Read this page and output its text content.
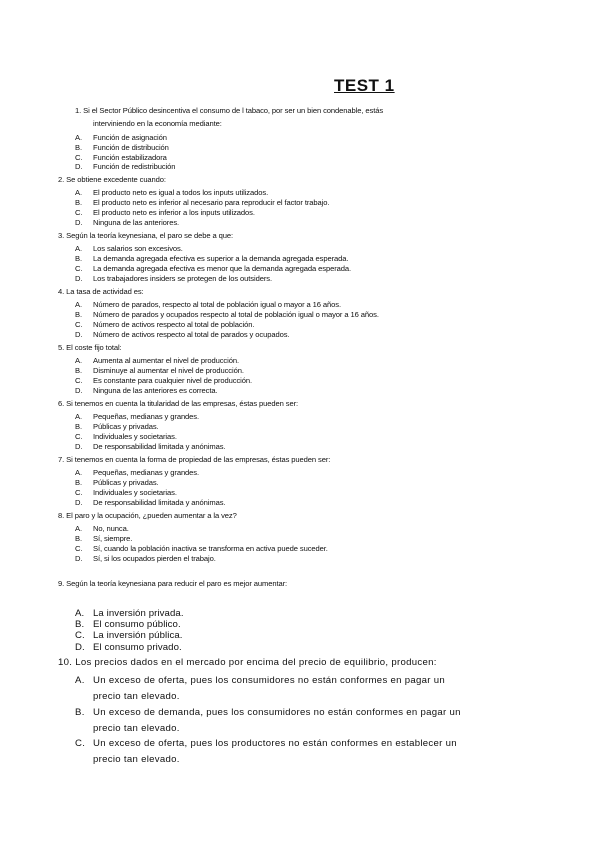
TEST 1
1. Si el Sector Público desincentiva el consumo de l tabaco, por ser un bien condenable, estás
interviniendo en la economía mediante:
A. Función de asignación
B. Función de distribución
C. Función estabilizadora
D. Función de redistribución
2. Se obtiene excedente cuando:
A. El producto neto es igual a todos los inputs utilizados.
B. El producto neto es inferior al necesario para reproducir el factor trabajo.
C. El producto neto es inferior a los inputs utilizados.
D. Ninguna de las anteriores.
3. Según la teoría keynesiana, el paro se debe a que:
A. Los salarios son excesivos.
B. La demanda agregada efectiva es superior a la demanda agregada esperada.
C. La demanda agregada efectiva es menor que la demanda agregada esperada.
D. Los trabajadores insiders se protegen de los outsiders.
4. La tasa de actividad es:
A. Número de parados, respecto al total de población igual o mayor a 16 años.
B. Número de parados y ocupados respecto al total de población igual o mayor a 16 años.
C. Número de activos respecto al total de población.
D. Número de activos respecto al total de parados y ocupados.
5. El coste fijo total:
A. Aumenta al aumentar el nivel de producción.
B. Disminuye al aumentar el nivel de producción.
C. Es constante para cualquier nivel de producción.
D. Ninguna de las anteriores es correcta.
6. Si tenemos en cuenta la titularidad de las empresas, éstas pueden ser:
A. Pequeñas, medianas y grandes.
B. Públicas y privadas.
C. Individuales y societarias.
D. De responsabilidad limitada y anónimas.
7. Si tenemos en cuenta la forma de propiedad de las empresas, éstas pueden ser:
A. Pequeñas, medianas y grandes.
B. Públicas y privadas.
C. Individuales y societarias.
D. De responsabilidad limitada y anónimas.
8. El paro y la ocupación, ¿pueden aumentar a la vez?
A. No, nunca.
B. Sí, siempre.
C. Sí, cuando la población inactiva se transforma en activa puede suceder.
D. Sí, si los ocupados pierden el trabajo.
9. Según la teoría keynesiana para reducir el paro es mejor aumentar:
A. La inversión privada.
B. El consumo público.
C. La inversión pública.
D. El consumo privado.
10. Los precios dados en el mercado por encima del precio de equilibrio, producen:
A. Un exceso de oferta, pues los consumidores no están conformes en pagar un
precio tan elevado.
B. Un exceso de demanda, pues los consumidores no están conformes en pagar un
precio tan elevado.
C. Un exceso de oferta, pues los productores no están conformes en establecer un
precio tan elevado.
